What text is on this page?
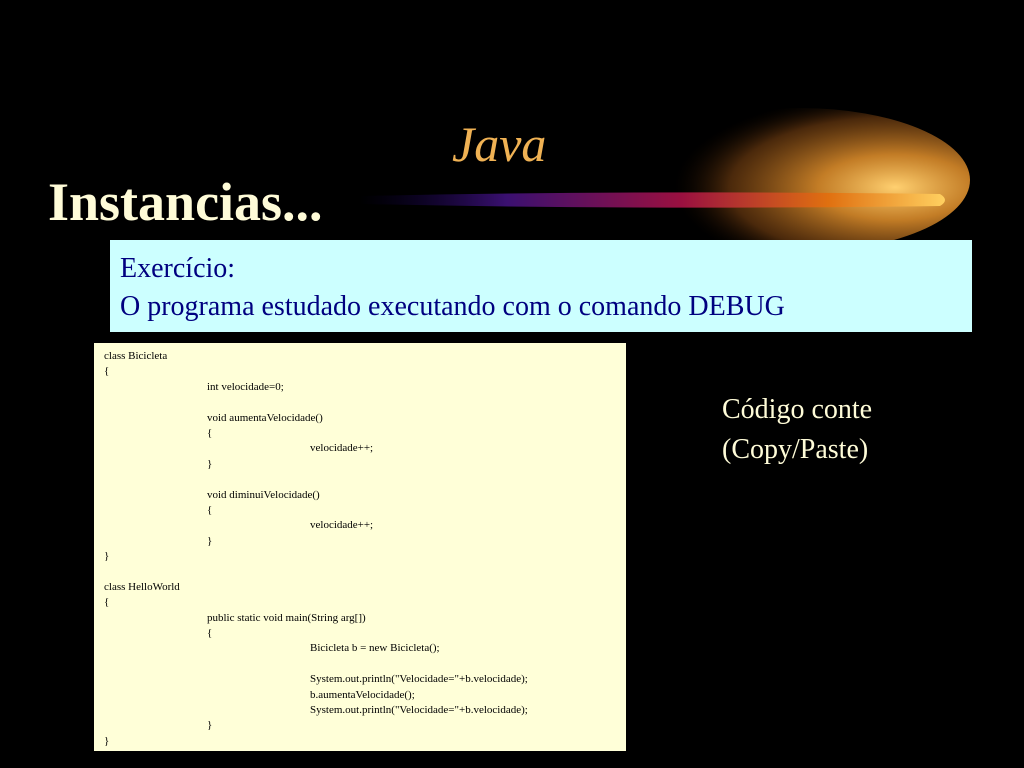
Java
Instancias...
Exercício:
O programa estudado executando com o comando DEBUG
class Bicicleta
{
int velocidade=0;
void aumentaVelocidade()
{
velocidade++;
}
void diminuiVelocidade()
{
velocidade++;
}
}
class HelloWorld
{
public static void main(String arg[])
{
Bicicleta b = new Bicicleta();
System.out.println("Velocidade="+b.velocidade);
b.aumentaVelocidade();
System.out.println("Velocidade="+b.velocidade);
}
}
Código conte
(Copy/Paste)
